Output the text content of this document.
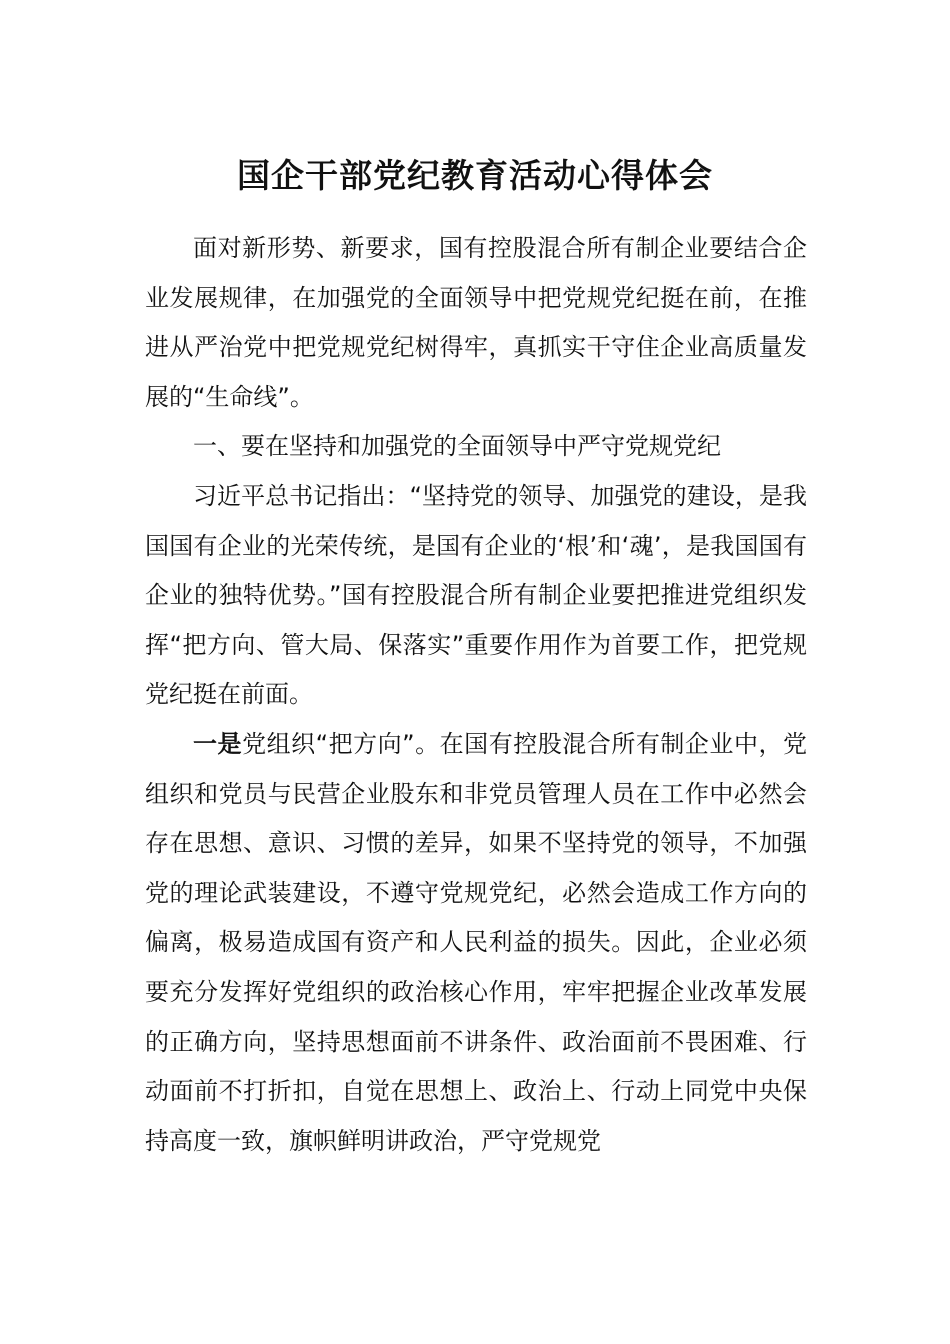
国企干部党纪教育活动心得体会

面对新形势、新要求，国有控股混合所有制企业要结合企业发展规律，在加强党的全面领导中把党规党纪挺在前，在推进从严治党中把党规党纪树得牢，真抓实干守住企业高质量发展的“生命线”。

一、要在坚持和加强党的全面领导中严守党规党纪

习近平总书记指出：“坚持党的领导、加强党的建设，是我国国有企业的光荣传统，是国有企业的‘根’和‘魂’，是我国国有企业的独特优势。”国有控股混合所有制企业要把推进党组织发挥“把方向、管大局、保落实”重要作用作为首要工作，把党规党纪挺在前面。

一是党组织“把方向”。在国有控股混合所有制企业中，党组织和党员与民营企业股东和非党员管理人员在工作中必然会存在思想、意识、习惯的差异，如果不坚持党的领导，不加强党的理论武装建设，不遵守党规党纪，必然会造成工作方向的偏离，极易造成国有资产和人民利益的损失。因此，企业必须要充分发挥好党组织的政治核心作用，牢牢把握企业改革发展的正确方向，坚持思想面前不讲条件、政治面前不畏困难、行动面前不打折扣，自觉在思想上、政治上、行动上同党中央保持高度一致，旗帜鲜明讲政治，严守党规党
